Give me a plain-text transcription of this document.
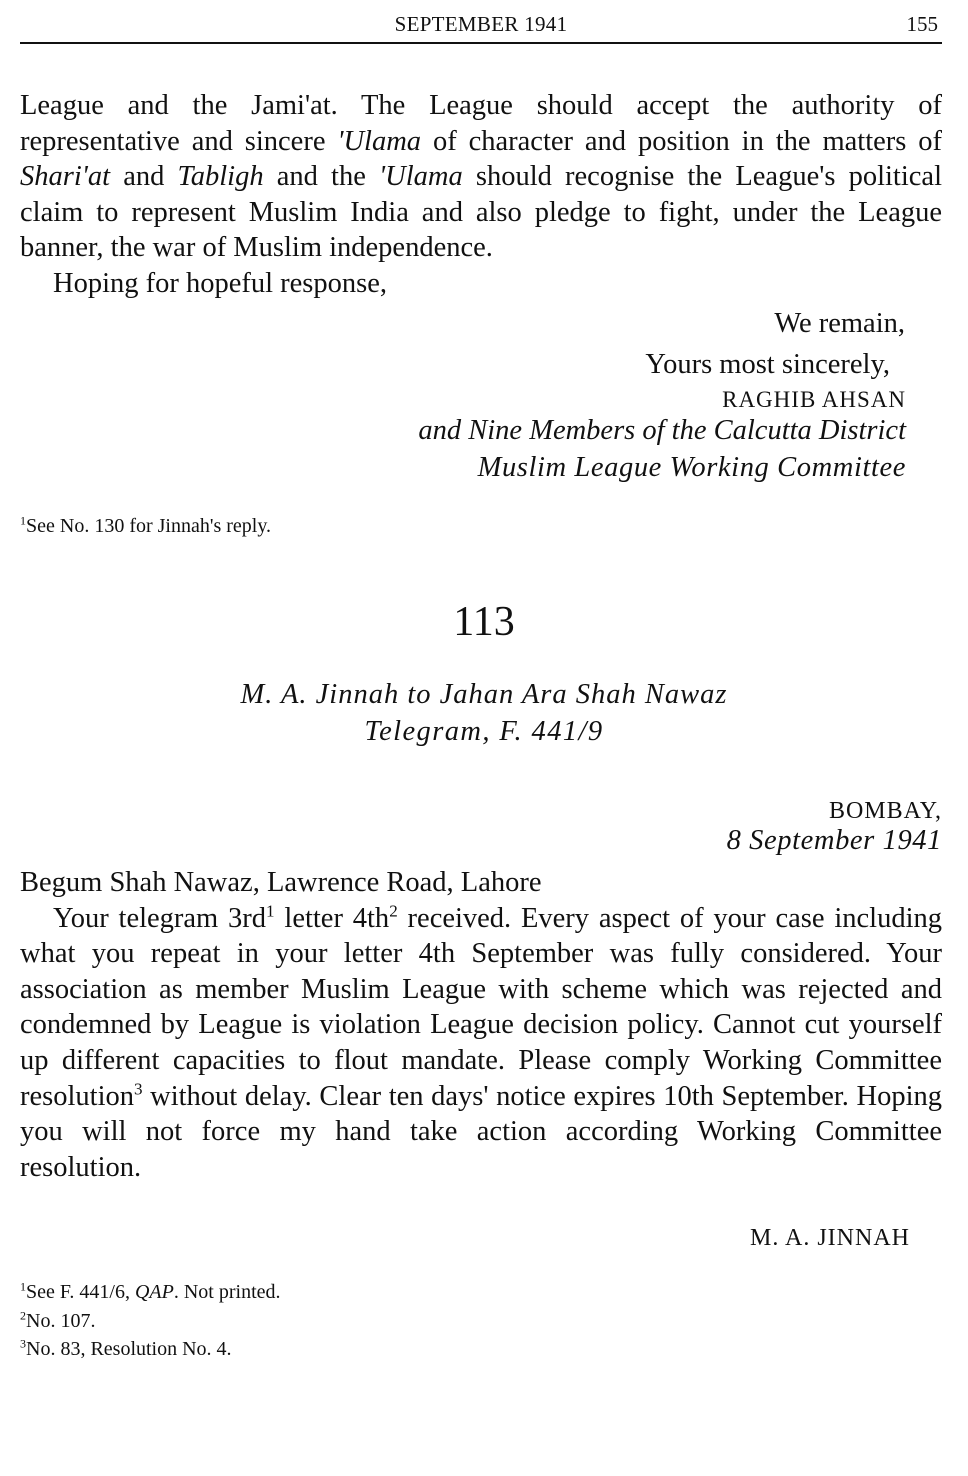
SEPTEMBER 1941	155

League and the Jami'at. The League should accept the authority of representative and sincere 'Ulama of character and position in the matters of Shari'at and Tabligh and the 'Ulama should recognise the League's political claim to represent Muslim India and also pledge to fight, under the League banner, the war of Muslim independence.

Hoping for hopeful response,

We remain,
Yours most sincerely,
RAGHIB AHSAN
and Nine Members of the Calcutta District
Muslim League Working Committee
$^1$See No. 130 for Jinnah's reply.
113
M. A. Jinnah to Jahan Ara Shah Nawaz
Telegram, F. 441/9
BOMBAY,
8 September 1941

Begum Shah Nawaz, Lawrence Road, Lahore

Your telegram $3rd^1$ letter $4th^2$ received. Every aspect of your case including what you repeat in your letter 4th September was fully considered. Your association as member Muslim League with scheme which was rejected and condemned by League is violation League decision policy. Cannot cut yourself up different capacities to flout mandate. Please comply Working Committee resolution$^3$ without delay. Clear ten days' notice expires 10th September. Hoping you will not force my hand take action according Working Committee resolution.

M. A. JINNAH
$^1$See F. 441/6, QAP. Not printed.
$^2$No. 107.
$^3$No. 83, Resolution No. 4.
